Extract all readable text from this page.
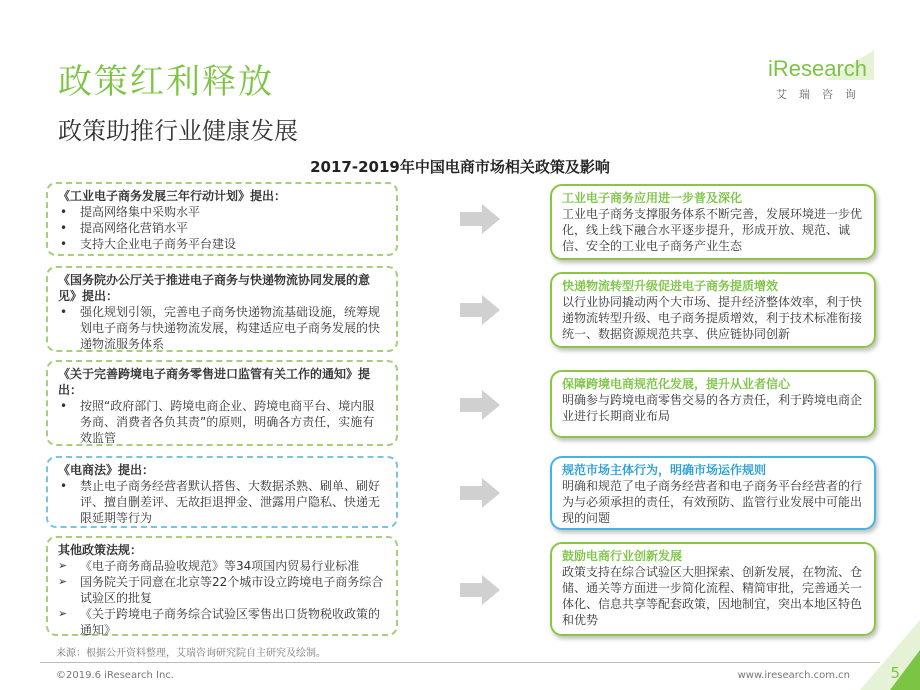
政策红利释放
政策助推行业健康发展
iResearch
艾瑞咨询
2017-2019年中国电商市场相关政策及影响
《工业电子商务发展三年行动计划》提出：
• 提高网络集中采购水平
• 提高网络化营销水平
• 支持大企业电子商务平台建设
《国务院办公厅关于推进电子商务与快递物流协同发展的意见》提出：
• 强化规划引领，完善电子商务快递物流基础设施，统筹规划电子商务与快递物流发展，构建适应电子商务发展的快递物流服务体系
《关于完善跨境电子商务零售进口监管有关工作的通知》提出：
• 按照“政府部门、跨境电商企业、跨境电商平台、境内服务商、消费者各负其责”的原则，明确各方责任，实施有效监管
《电商法》提出：
• 禁止电子商务经营者默认搭售、大数据杀熟、刷单、刷好评、擅自删差评、无故拒退押金、泄露用户隐私、快递无限延期等行为
其他政策法规：
➢ 《电子商务商品验收规范》等34项国内贸易行业标准
➢ 国务院关于同意在北京等22个城市设立跨境电子商务综合试验区的批复
➢ 《关于跨境电子商务综合试验区零售出口货物税收政策的通知》
工业电子商务应用进一步普及深化
工业电子商务支撑服务体系不断完善，发展环境进一步优化，线上线下融合水平逐步提升，形成开放、规范、诚信、安全的工业电子商务产业生态
快递物流转型升级促进电子商务提质增效
以行业协同撬动两个大市场、提升经济整体效率，利于快递物流转型升级、电子商务提质增效，利于技术标准衔接统一、数据资源规范共享、供应链协同创新
保障跨境电商规范化发展，提升从业者信心
明确参与跨境电商零售交易的各方责任，利于跨境电商企业进行长期商业布局
规范市场主体行为，明确市场运作规则
明确和规范了电子商务经营者和电子商务平台经营者的行为与必须承担的责任，有效预防、监管行业发展中可能出现的问题
鼓励电商行业创新发展
政策支持在综合试验区大胆探索、创新发展，在物流、仓储、通关等方面进一步简化流程、精简审批，完善通关一体化、信息共享等配套政策，因地制宜，突出本地区特色和优势
来源：根据公开资料整理，艾瑞咨询研究院自主研究及绘制。
©2019.6 iResearch Inc.	www.iresearch.com.cn	5
